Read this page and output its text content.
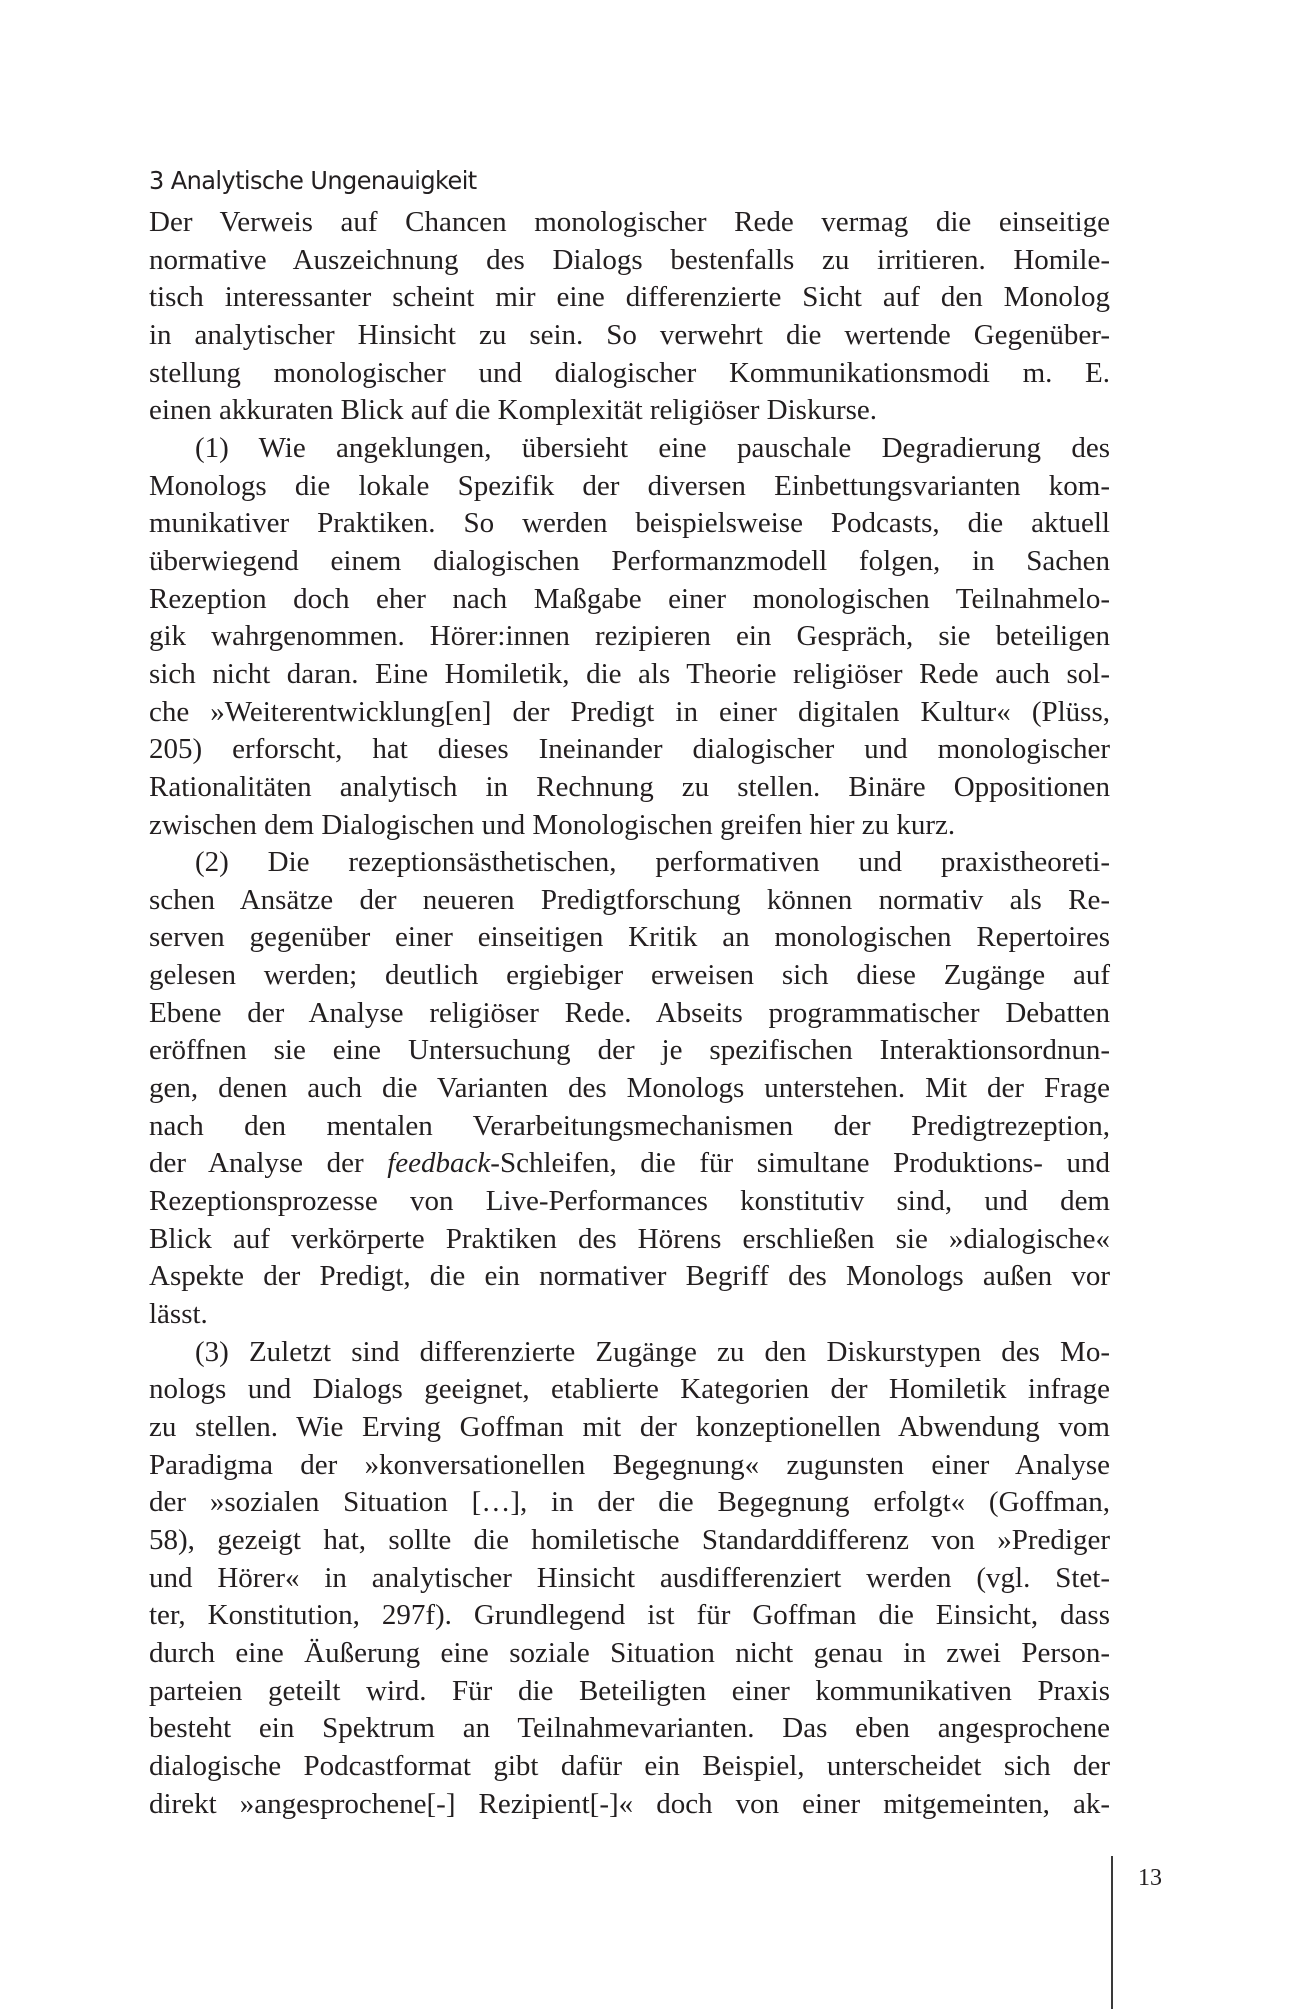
3 Analytische Ungenauigkeit
Der Verweis auf Chancen monologischer Rede vermag die einseitige
normative Auszeichnung des Dialogs bestenfalls zu irritieren. Homile-
tisch interessanter scheint mir eine differenzierte Sicht auf den Monolog
in analytischer Hinsicht zu sein. So verwehrt die wertende Gegenüber-
stellung monologischer und dialogischer Kommunikationsmodi m. E.
einen akkuraten Blick auf die Komplexität religiöser Diskurse.
(1) Wie angeklungen, übersieht eine pauschale Degradierung des
Monologs die lokale Spezifik der diversen Einbettungsvarianten kom-
munikativer Praktiken. So werden beispielsweise Podcasts, die aktuell
überwiegend einem dialogischen Performanzmodell folgen, in Sachen
Rezeption doch eher nach Maßgabe einer monologischen Teilnahmelo-
gik wahrgenommen. Hörer:innen rezipieren ein Gespräch, sie beteiligen
sich nicht daran. Eine Homiletik, die als Theorie religiöser Rede auch sol-
che »Weiterentwicklung[en] der Predigt in einer digitalen Kultur« (Plüss,
205) erforscht, hat dieses Ineinander dialogischer und monologischer
Rationalitäten analytisch in Rechnung zu stellen. Binäre Oppositionen
zwischen dem Dialogischen und Monologischen greifen hier zu kurz.
(2) Die rezeptionsästhetischen, performativen und praxistheoreti-
schen Ansätze der neueren Predigtforschung können normativ als Re-
serven gegenüber einer einseitigen Kritik an monologischen Repertoires
gelesen werden; deutlich ergiebiger erweisen sich diese Zugänge auf
Ebene der Analyse religiöser Rede. Abseits programmatischer Debatten
eröffnen sie eine Untersuchung der je spezifischen Interaktionsordnun-
gen, denen auch die Varianten des Monologs unterstehen. Mit der Frage
nach den mentalen Verarbeitungsmechanismen der Predigtrezeption,
der Analyse der feedback-Schleifen, die für simultane Produktions- und
Rezeptionsprozesse von Live-Performances konstitutiv sind, und dem
Blick auf verkörperte Praktiken des Hörens erschließen sie »dialogische«
Aspekte der Predigt, die ein normativer Begriff des Monologs außen vor
lässt.
(3) Zuletzt sind differenzierte Zugänge zu den Diskurstypen des Mo-
nologs und Dialogs geeignet, etablierte Kategorien der Homiletik infrage
zu stellen. Wie Erving Goffman mit der konzeptionellen Abwendung vom
Paradigma der »konversationellen Begegnung« zugunsten einer Analyse
der »sozialen Situation […], in der die Begegnung erfolgt« (Goffman,
58), gezeigt hat, sollte die homiletische Standarddifferenz von »Prediger
und Hörer« in analytischer Hinsicht ausdifferenziert werden (vgl. Stet-
ter, Konstitution, 297f). Grundlegend ist für Goffman die Einsicht, dass
durch eine Äußerung eine soziale Situation nicht genau in zwei Person-
parteien geteilt wird. Für die Beteiligten einer kommunikativen Praxis
besteht ein Spektrum an Teilnahmevarianten. Das eben angesprochene
dialogische Podcastformat gibt dafür ein Beispiel, unterscheidet sich der
direkt »angesprochene[-] Rezipient[-]« doch von einer mitgemeinten, ak-
13
